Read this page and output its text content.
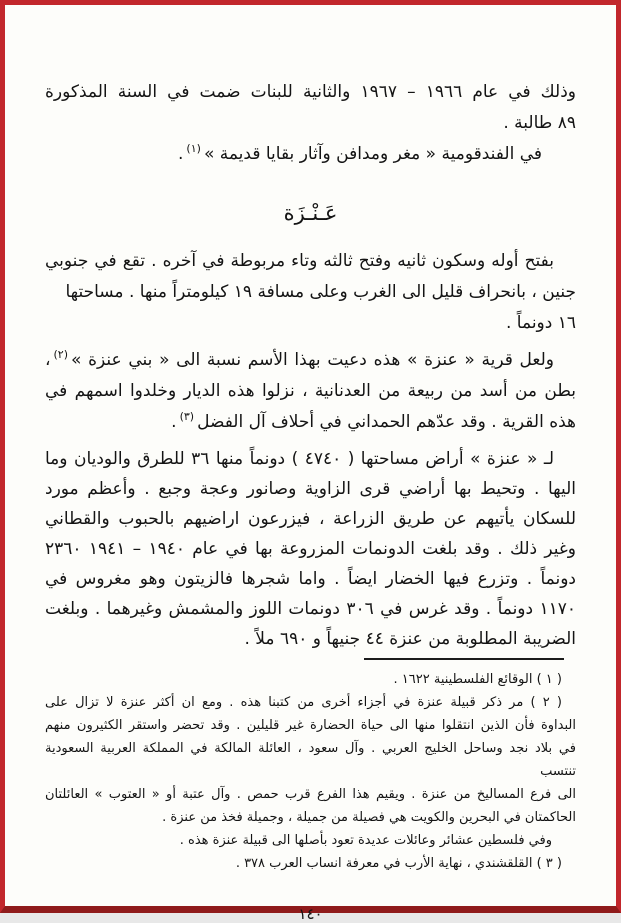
وذلك في عام ١٩٦٦ – ١٩٦٧ والثانية للبنات ضمت في السنة المذكورة
٨٩ طالبة .
في الفندقومية « مغر ومدافن وآثار بقايا قديمة »$^{(١)}$.
عَـنْـزَة
بفتح أوله وسكون ثانيه وفتح ثالثه وتاء مربوطة في آخره . تقع في جنوبي
جنين ، بانحراف قليل الى الغرب وعلى مسافة ١٩ كيلومتراً منها . مساحتها ١٦ دونماً .
ولعل قرية « عنزة » هذه دعيت بهذا الأسم نسبة الى « بني عنزة »$^{(٢)}$،
بطن من أسد من ربيعة من العدنانية ، نزلوا هذه الديار وخلدوا اسمهم في
هذه القرية . وقد عدّهم الحمداني في أحلاف آل الفضل$^{(٣)}$.
لـ « عنزة » أراض مساحتها ( ٤٧٤٠ ) دونماً منها ٣٦ للطرق والوديان وما
اليها . وتحيط بها أراضي قرى الزاوية وصانور وعجة وجبع . وأعظم مورد
للسكان يأتيهم عن طريق الزراعة ، فيزرعون اراضيهم بالحبوب والقطاني
وغير ذلك . وقد بلغت الدونمات المزروعة بها في عام ١٩٤٠ – ١٩٤١ ٢٣٦٠
دونماً . وتزرع فيها الخضار ايضاً . واما شجرها فالزيتون وهو مغروس في
١١٧٠ دونماً . وقد غرس في ٣٠٦ دونمات اللوز والمشمش وغيرهما . وبلغت
الضريبة المطلوبة من عنزة ٤٤ جنيهاً و ٦٩٠ ملاً .
( ١ ) الوقائع الفلسطينية ١٦٢٢ .
( ٢ ) مر ذكر قبيلة عنزة في أجزاء أخرى من كتبنا هذه . ومع ان أكثر عنزة لا تزال على
البداوة فأن الذين انتقلوا منها الى حياة الحضارة غير قليلين . وقد تحضر واستقر الكثيرون منهم
في بلاد نجد وساحل الخليج العربي . وآل سعود ، العائلة المالكة في المملكة العربية السعودية تنتسب
الى فرع المساليخ من عنزة . ويقيم هذا الفرع قرب حمص . وآل عتبة أو « العتوب » العائلتان
الحاكمتان في البحرين والكويت هي فصيلة من جميلة ، وجميلة فخذ من عنزة .
وفي فلسطين عشائر وعائلات عديدة تعود بأصلها الى قبيلة عنزة هذه .
( ٣ ) القلقشندي ، نهاية الأرب في معرفة انساب العرب ٣٧٨ .
١٤٠
